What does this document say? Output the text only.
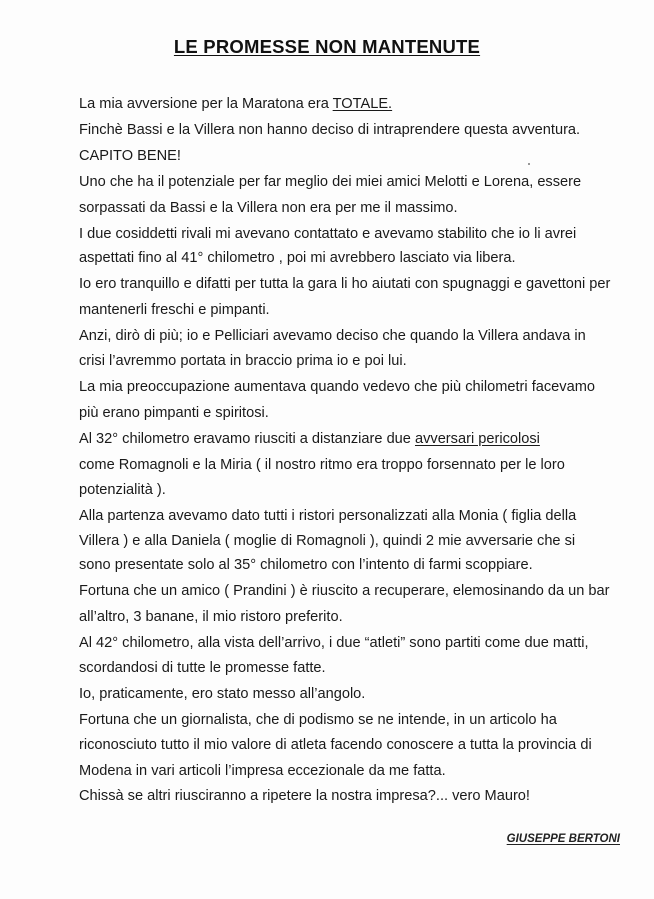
LE PROMESSE NON MANTENUTE
La mia avversione per la Maratona era TOTALE.
Finchè Bassi e la Villera non hanno deciso di intraprendere questa avventura.
CAPITO BENE!
Uno che ha il potenziale per far meglio dei miei amici Melotti e Lorena, essere
sorpassati da Bassi e la Villera non era per me il massimo.
I due cosiddetti rivali mi avevano contattato e avevamo stabilito che io li avrei
aspettati fino al 41° chilometro , poi mi avrebbero lasciato via libera.
Io ero tranquillo e difatti per tutta la gara li ho aiutati con spugnaggi e gavettoni per
mantenerli freschi e pimpanti.
Anzi, dirò di più; io e Pelliciari avevamo deciso che quando la Villera andava in
crisi l’avremmo portata in braccio prima io e poi lui.
La mia preoccupazione aumentava quando vedevo che più chilometri facevamo
più erano pimpanti e spiritosi.
Al 32° chilometro eravamo riusciti a distanziare due avversari pericolosi
come Romagnoli e la Miria ( il nostro ritmo era troppo forsennato per le loro
potenzialità ).
Alla partenza avevamo dato tutti i ristori personalizzati alla Monia ( figlia della
Villera ) e alla Daniela ( moglie di Romagnoli ), quindi 2 mie avversarie che si
sono presentate solo al 35° chilometro con l’intento di farmi scoppiare.
Fortuna che un amico ( Prandini ) è riuscito a recuperare, elemosinando da un bar
all’altro, 3 banane, il mio ristoro preferito.
Al 42° chilometro, alla vista dell’arrivo, i due “atleti” sono partiti come due matti,
scordandosi di tutte le promesse fatte.
Io, praticamente, ero stato messo all’angolo.
Fortuna che un giornalista, che di podismo se ne intende, in un articolo ha
riconosciuto tutto il mio valore di atleta facendo conoscere a tutta la provincia di
Modena in vari articoli l’impresa eccezionale da me fatta.
Chissà se altri riusciranno a ripetere la nostra impresa?... vero Mauro!
GIUSEPPE BERTONI
